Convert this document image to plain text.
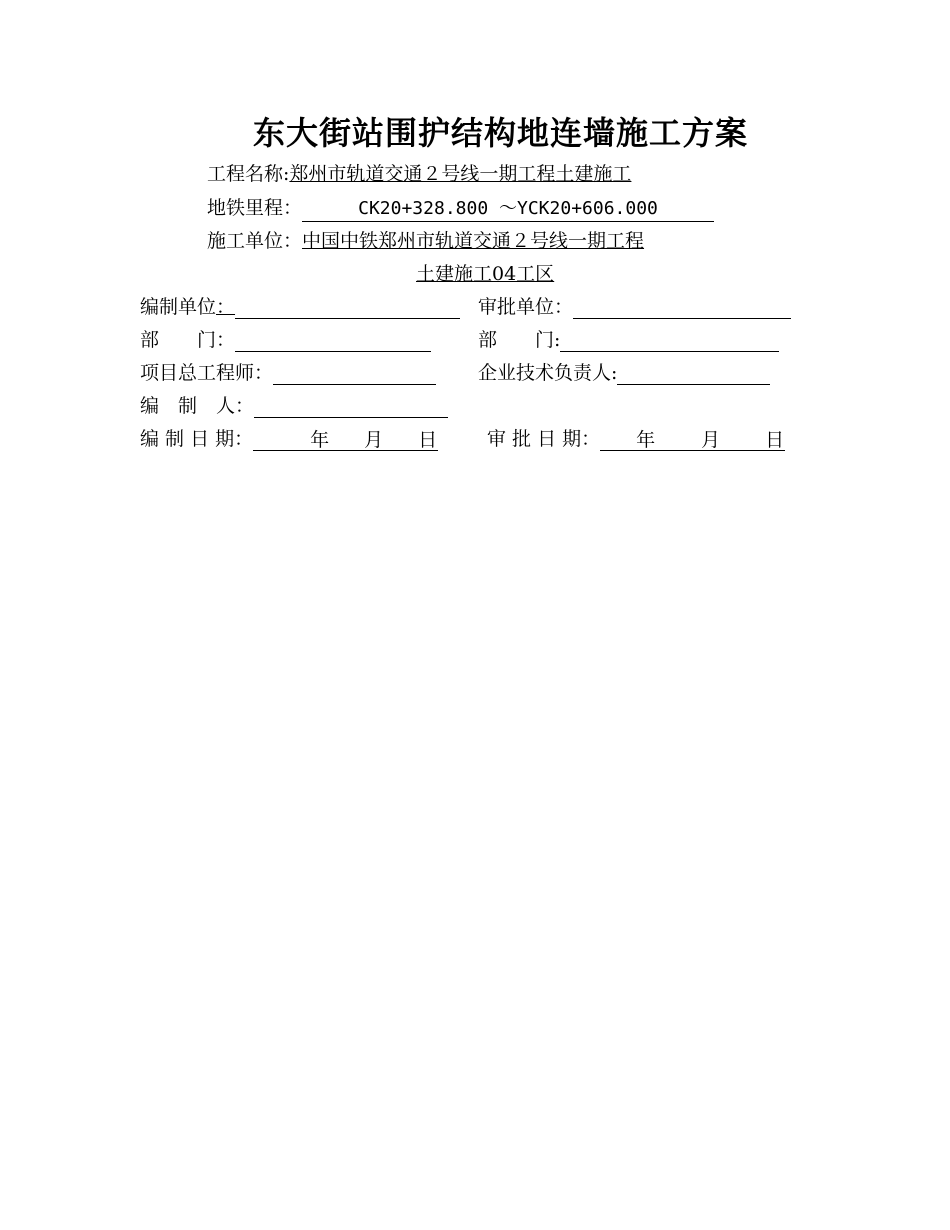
东大街站围护结构地连墙施工方案
工程名称:郑州市轨道交通２号线一期工程土建施工
地铁里程：	CK20+328.800 ～YCK20+606.000
施工单位：中国中铁郑州市轨道交通２号线一期工程
土建施工04工区
编制单位：	审批单位：
部　　门：	部　　门:
项目总工程师：	企业技术负责人:
编　制　人：
编 制 日 期：	年 月 日	审 批 日 期： 年 月 日
